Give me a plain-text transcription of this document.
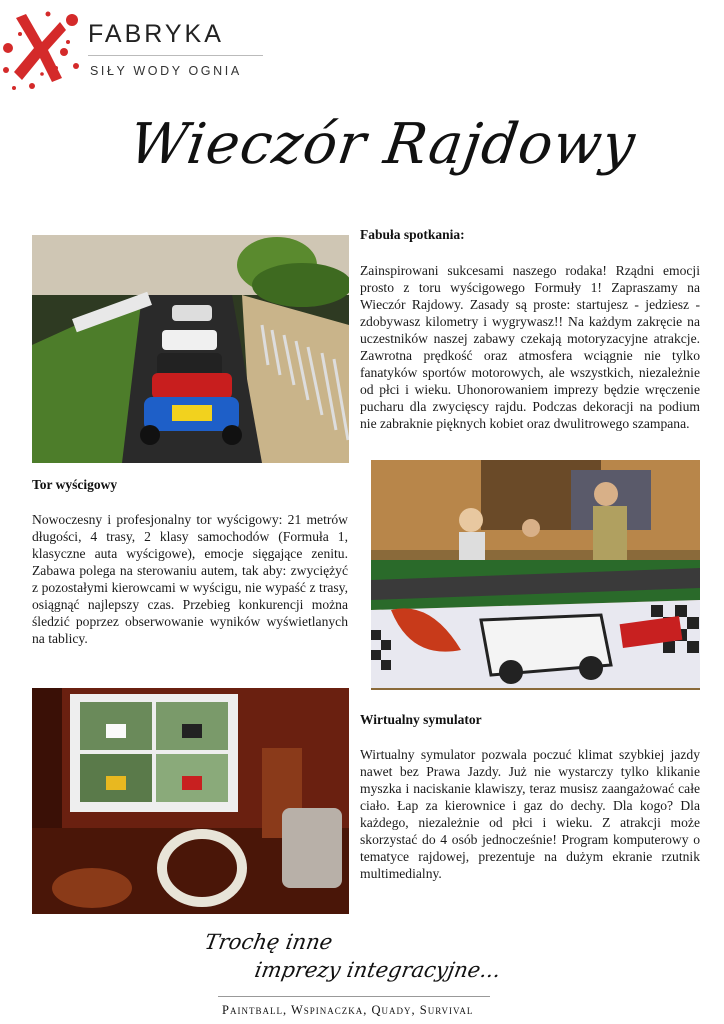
FABRYKA
SIŁY WODY OGNIA
Wieczór Rajdowy
Fabuła spotkania:

Zainspirowani sukcesami naszego rodaka! Rządni emocji prosto z toru wyścigowego Formuły 1! Zapraszamy na Wieczór Rajdowy. Zasady są proste: startujesz - jedziesz - zdobywasz kilometry i wygrywasz!! Na każdym zakręcie na uczestników naszej zabawy czekają motoryzacyjne atrakcje. Zawrotna prędkość oraz atmosfera wciągnie nie tylko fanatyków sportów motorowych, ale wszystkich, niezależnie od płci i wieku. Uhonorowaniem imprezy będzie wręczenie pucharu dla zwycięscy rajdu. Podczas dekoracji na podium nie zabraknie pięknych kobiet oraz dwulitrowego szampana.

Tor wyścigowy

Nowoczesny i profesjonalny tor wyścigowy: 21 metrów długości, 4 trasy, 2 klasy samochodów (Formuła 1, klasyczne auta wyścigowe), emocje sięgające zenitu. Zabawa polega na sterowaniu autem, tak aby: zwyciężyć z pozostałymi kierowcami w wyścigu, nie wypaść z trasy, osiągnąć najlepszy czas. Przebieg konkurencji można śledzić poprzez obserwowanie wyników wyświetlanych na tablicy.

Wirtualny symulator

Wirtualny symulator pozwala poczuć klimat szybkiej jazdy nawet bez Prawa Jazdy. Już nie wystarczy tylko klikanie myszka i naciskanie klawiszy, teraz musisz zaangażować całe ciało. Łap za kierownice i gaz do dechy. Dla kogo? Dla każdego, niezależnie od płci i wieku. Z atrakcji może skorzystać do 4 osób jednocześnie! Program komputerowy o tematyce rajdowej, prezentuje na dużym ekranie rzutnik multimedialny.

Trochę inne
imprezy integracyjne...
Paintball, Wspinaczka, Quady, Survival
